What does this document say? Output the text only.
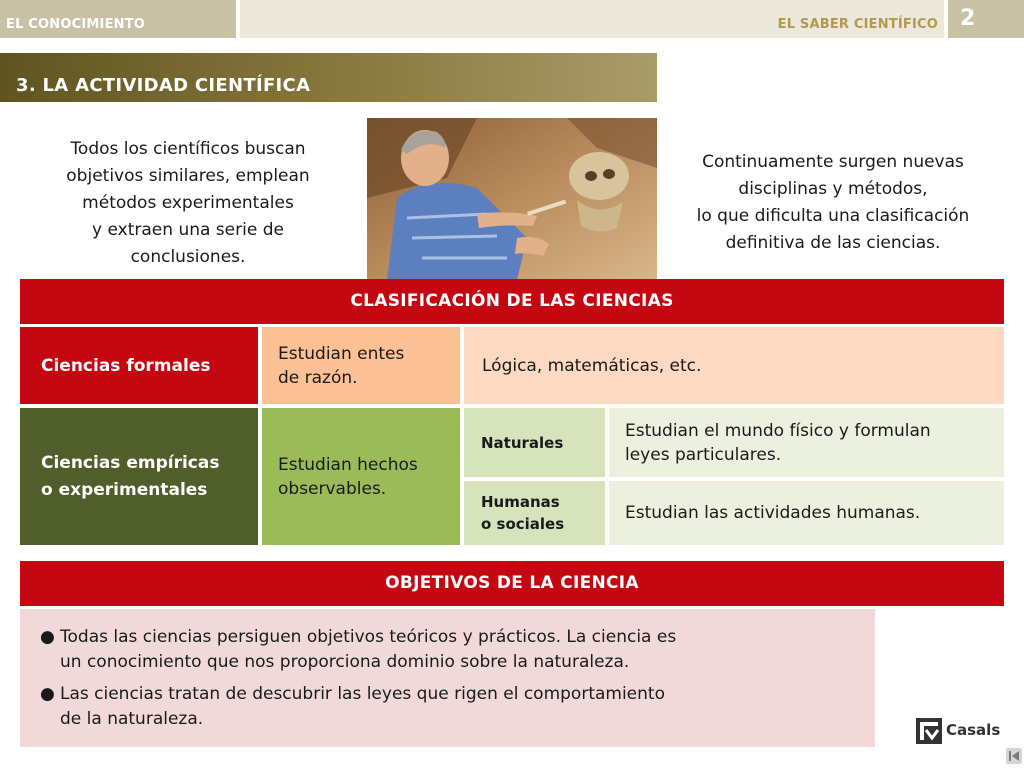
EL CONOCIMIENTO	EL SABER CIENTÍFICO 2
3. LA ACTIVIDAD CIENTÍFICA
Todos los científicos buscan
objetivos similares, emplean
métodos experimentales
y extraen una serie de
conclusiones.
Continuamente surgen nuevas
disciplinas y métodos,
lo que dificulta una clasificación
definitiva de las ciencias.
CLASIFICACIÓN DE LAS CIENCIAS
Ciencias formales
Estudian entes
de razón.
Lógica, matemáticas, etc.
Ciencias empíricas
o experimentales
Estudian hechos
observables.
Naturales
Estudian el mundo físico y formulan
leyes particulares.
Humanas
o sociales
Estudian las actividades humanas.
OBJETIVOS DE LA CIENCIA
● Todas las ciencias persiguen objetivos teóricos y prácticos. La ciencia es
un conocimiento que nos proporciona dominio sobre la naturaleza.
● Las ciencias tratan de descubrir las leyes que rigen el comportamiento
de la naturaleza.
Casals
